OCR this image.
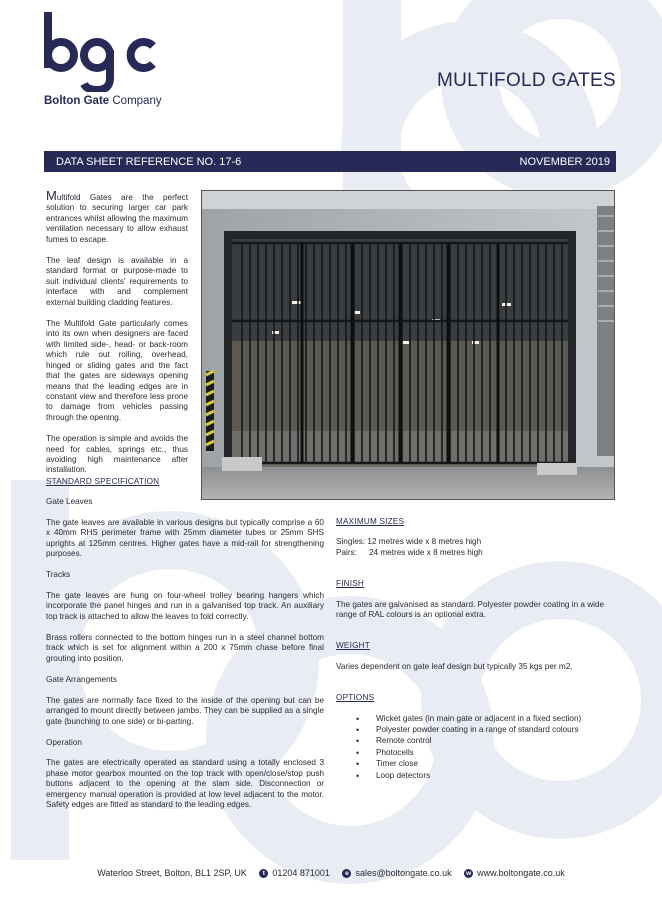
Bolton Gate Company
MULTIFOLD GATES
DATA SHEET REFERENCE NO. 17-6	NOVEMBER 2019

Multifold Gates are the perfect solution to securing larger car park entrances whilst allowing the maximum ventilation necessary to allow exhaust fumes to escape.

The leaf design is available in a standard format or purpose-made to suit individual clients' requirements to interface with and complement external building cladding features.

The Multifold Gate particularly comes into its own when designers are faced with limited side-, head- or back-room which rule out rolling, overhead, hinged or sliding gates and the fact that the gates are sideways opening means that the leading edges are in constant view and therefore less prone to damage from vehicles passing through the opening.

The operation is simple and avoids the need for cables, springs etc., thus avoiding high maintenance after installation.

STANDARD SPECIFICATION

Gate Leaves

The gate leaves are available in various designs but typically comprise a 60 x 40mm RHS perimeter frame with 25mm diameter tubes or 25mm SHS uprights at 125mm centres. Higher gates have a mid-rail for strengthening purposes.

Tracks

The gate leaves are hung on four-wheel trolley bearing hangers which incorporate the panel hinges and run in a galvanised top track. An auxiliary top track is attached to allow the leaves to fold correctly.

Brass rollers connected to the bottom hinges run in a steel channel bottom track which is set for alignment within a 200 x 75mm chase before final grouting into position.

Gate Arrangements

The gates are normally face fixed to the inside of the opening but can be arranged to mount directly between jambs. They can be supplied as a single gate (bunching to one side) or bi-parting.

Operation

The gates are electrically operated as standard using a totally enclosed 3 phase motor gearbox mounted on the top track with open/close/stop push buttons adjacent to the opening at the slam side. Disconnection or emergency manual operation is provided at low level adjacent to the motor. Safety edges are fitted as standard to the leading edges.

MAXIMUM SIZES

Singles: 12 metres wide x 8 metres high
Pairs: 24 metres wide x 8 metres high

FINISH

The gates are galvanised as standard. Polyester powder coating in a wide range of RAL colours is an optional extra.

WEIGHT

Varies dependent on gate leaf design but typically 35 kgs per m2.

OPTIONS

• Wicket gates (in main gate or adjacent in a fixed section)
• Polyester powder coating in a range of standard colours
• Remote control
• Photocells
• Timer close
• Loop detectors
Waterloo Street, Bolton, BL1 2SP, UK t 01204 871001 e sales@boltongate.co.uk w www.boltongate.co.uk
